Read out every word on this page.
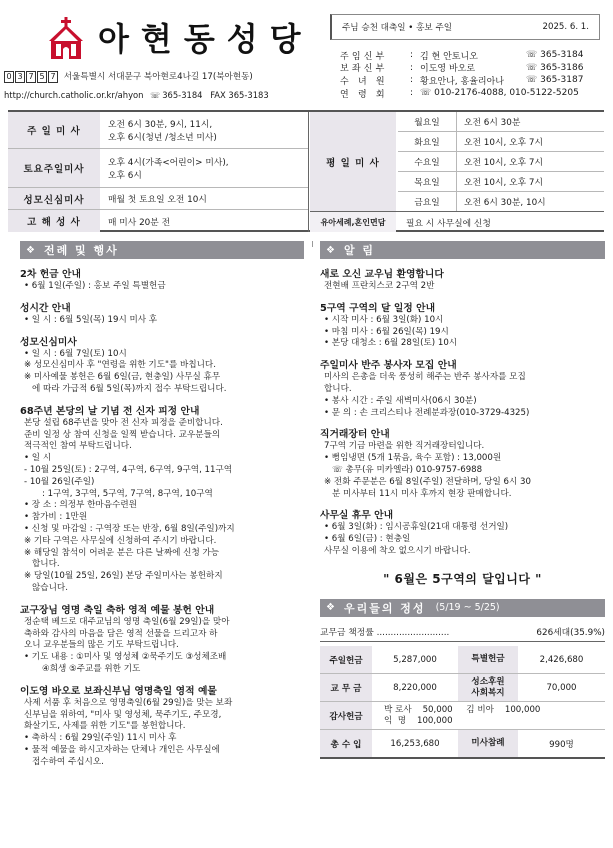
아현동성당
0 3 7 5 7 서울특별시 서대문구 북아현로4나길 17(북아현동)
http://church.catholic.or.kr/ahyon ☏ 365-3184 FAX 365-3183
주님 승천 대축일 • 홍보 주일	2025. 6. 1.
주임신부	: 김 현 안토니오	☏ 365-3184
보좌신부	: 이도영 바오로	☏ 365-3186
수 녀 원	: 황요안나, 홍율리아나	☏ 365-3187
연 령 회	: ☏ 010-2176-4088, 010-5122-5205
주 일 미 사
오전 6시 30분, 9시, 11시,
오후 6시(청년 /청소년 미사)
토요주일미사
오후 4시(가족<어린이> 미사),
오후 6시
성모신심미사	매월 첫 토요일 오전 10시
고 해 성 사	매 미사 20분 전
평 일 미 사
월요일	오전 6시 30분
화요일	오전 10시, 오후 7시
수요일	오전 10시, 오후 7시
목요일	오전 10시, 오후 7시
금요일	오전 6시 30분, 10시
유아세례,혼인면담	필요 시 사무실에 신청
❖ 전례 및 행사
2차 헌금 안내
• 6월 1일(주일) : 홍보 주일 특별헌금
성시간 안내
• 일 시 : 6월 5일(목) 19시 미사 후
성모신심미사
• 일 시 : 6월 7일(토) 10시
※ 성모신심미사 후 "연령을 위한 기도"를 바칩니다.
※ 미사예물 봉헌은 6월 6일(금, 현충일) 사무실 휴무
에 따라 가급적 6월 5일(목)까지 접수 부탁드립니다.
68주년 본당의 날 기념 전 신자 피정 안내
본당 설립 68주년을 맞아 전 신자 피정을 준비합니다.
준비 일정 상 참여 신청을 일찍 받습니다. 교우분들의
적극적인 참여 부탁드립니다.
• 일 시
- 10월 25일(토) : 2구역, 4구역, 6구역, 9구역, 11구역
- 10월 26일(주일)
: 1구역, 3구역, 5구역, 7구역, 8구역, 10구역
• 장 소 : 의정부 한마음수련원
• 참가비 : 1만원
• 신청 및 마감일 : 구역장 또는 반장, 6월 8일(주일)까지
※ 기타 구역은 사무실에 신청하여 주시기 바랍니다.
※ 해당일 참석이 어려운 분은 다른 날짜에 신청 가능
합니다.
※ 당일(10월 25일, 26일) 본당 주일미사는 봉헌하지
않습니다.
교구장님 영명 축일 축하 영적 예물 봉헌 안내
정순택 베드로 대주교님의 영명 축일(6월 29일)을 맞아
축하와 감사의 마음을 담은 영적 선물을 드리고자 하
오니 교우분들의 많은 기도 부탁드립니다.
• 기도 내용 : ①미사 및 영성체 ②묵주기도 ③성체조배
④희생 ⑤주교를 위한 기도
이도영 바오로 보좌신부님 영명축일 영적 예물
사제 서품 후 처음으로 영명축일(6월 29일)을 맞는 보좌
신부님을 위하여, "미사 및 영성체, 묵주기도, 주모경,
화살기도, 사제를 위한 기도"를 봉헌합니다.
• 축하식 : 6월 29일(주일) 11시 미사 후
• 물적 예물을 하시고자하는 단체나 개인은 사무실에
접수하여 주십시오.
❖ 알 림
새로 오신 교우님 환영합니다
전현배 프란치스코 2구역 2반
5구역 구역의 달 일정 안내
• 시작 미사 : 6월 3일(화) 10시
• 마침 미사 : 6월 26일(목) 19시
• 본당 대청소 : 6월 28일(토) 10시
주일미사 반주 봉사자 모집 안내
미사의 은총을 더욱 풍성히 해주는 반주 봉사자를 모집
합니다.
• 봉사 시간 : 주일 새벽미사(06시 30분)
• 문 의 : 손 크리스티나 전례분과장(010-3729-4325)
직거래장터 안내
7구역 기금 마련을 위한 직거래장터입니다.
• 뻥임냉면 (5개 1묶음, 육수 포함) : 13,000원
☏ 총무(유 미카엘라) 010-9757-6988
※ 전화 주문분은 6월 8일(주일) 전달하며, 당일 6시 30
분 미사부터 11시 미사 후까지 현장 판매합니다.
사무실 휴무 안내
• 6월 3일(화) : 임시공휴일(21대 대통령 선거일)
• 6월 6일(금) : 현충일
사무실 이용에 착오 없으시기 바랍니다.
" 6월은 5구역의 달입니다 "
❖ 우리들의 정성 (5/19 ~ 5/25)
교무금 책정률 ..........................	626세대(35.9%)
주일헌금	5,287,000	특별헌금	2,426,680
교 무 금	8,220,000	성소후원
사회복지	70,000
감사헌금	박 로사    50,000     김 비아    100,000
익  명    100,000		
총 수 입	16,253,680	미사참례	990명
